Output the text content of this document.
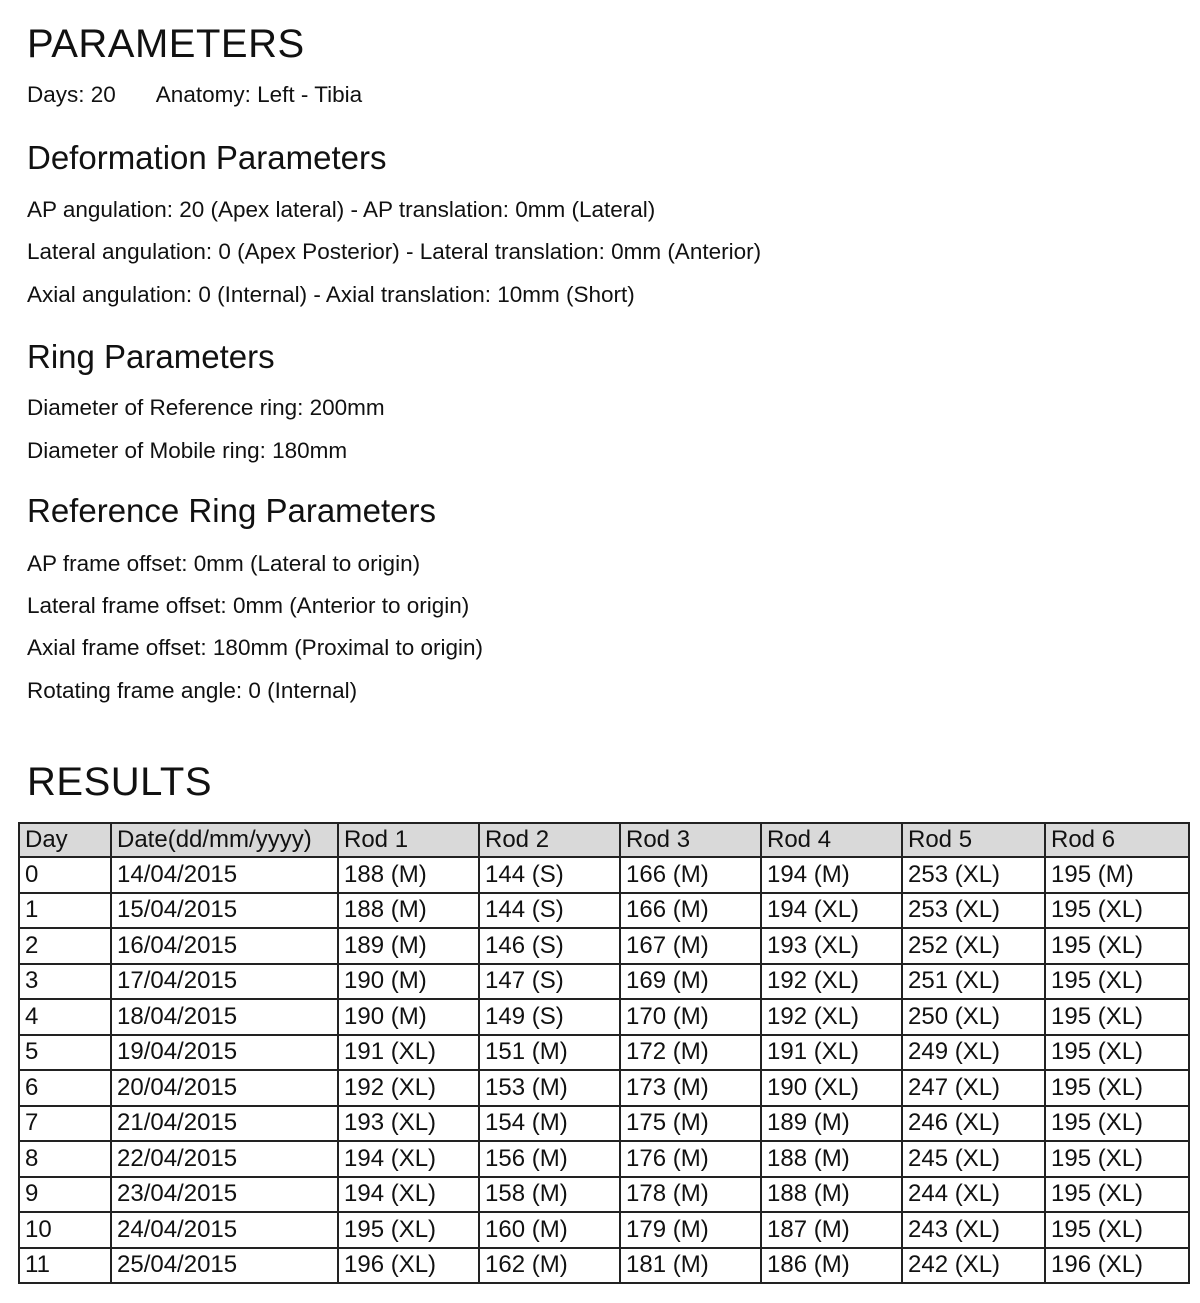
PARAMETERS

Days: 20 Anatomy: Left - Tibia

Deformation Parameters

AP angulation: 20 (Apex lateral) - AP translation: 0mm (Lateral)

Lateral angulation: 0 (Apex Posterior) - Lateral translation: 0mm (Anterior)

Axial angulation: 0 (Internal) - Axial translation: 10mm (Short)

Ring Parameters

Diameter of Reference ring: 200mm

Diameter of Mobile ring: 180mm

Reference Ring Parameters

AP frame offset: 0mm (Lateral to origin)

Lateral frame offset: 0mm (Anterior to origin)

Axial frame offset: 180mm (Proximal to origin)

Rotating frame angle: 0 (Internal)

RESULTS
Day	Date(dd/mm/yyyy)	Rod 1	Rod 2	Rod 3	Rod 4	Rod 5	Rod 6
0	14/04/2015	188 (M)	144 (S)	166 (M)	194 (M)	253 (XL)	195 (M)
1	15/04/2015	188 (M)	144 (S)	166 (M)	194 (XL)	253 (XL)	195 (XL)
2	16/04/2015	189 (M)	146 (S)	167 (M)	193 (XL)	252 (XL)	195 (XL)
3	17/04/2015	190 (M)	147 (S)	169 (M)	192 (XL)	251 (XL)	195 (XL)
4	18/04/2015	190 (M)	149 (S)	170 (M)	192 (XL)	250 (XL)	195 (XL)
5	19/04/2015	191 (XL)	151 (M)	172 (M)	191 (XL)	249 (XL)	195 (XL)
6	20/04/2015	192 (XL)	153 (M)	173 (M)	190 (XL)	247 (XL)	195 (XL)
7	21/04/2015	193 (XL)	154 (M)	175 (M)	189 (M)	246 (XL)	195 (XL)
8	22/04/2015	194 (XL)	156 (M)	176 (M)	188 (M)	245 (XL)	195 (XL)
9	23/04/2015	194 (XL)	158 (M)	178 (M)	188 (M)	244 (XL)	195 (XL)
10	24/04/2015	195 (XL)	160 (M)	179 (M)	187 (M)	243 (XL)	195 (XL)
11	25/04/2015	196 (XL)	162 (M)	181 (M)	186 (M)	242 (XL)	196 (XL)
